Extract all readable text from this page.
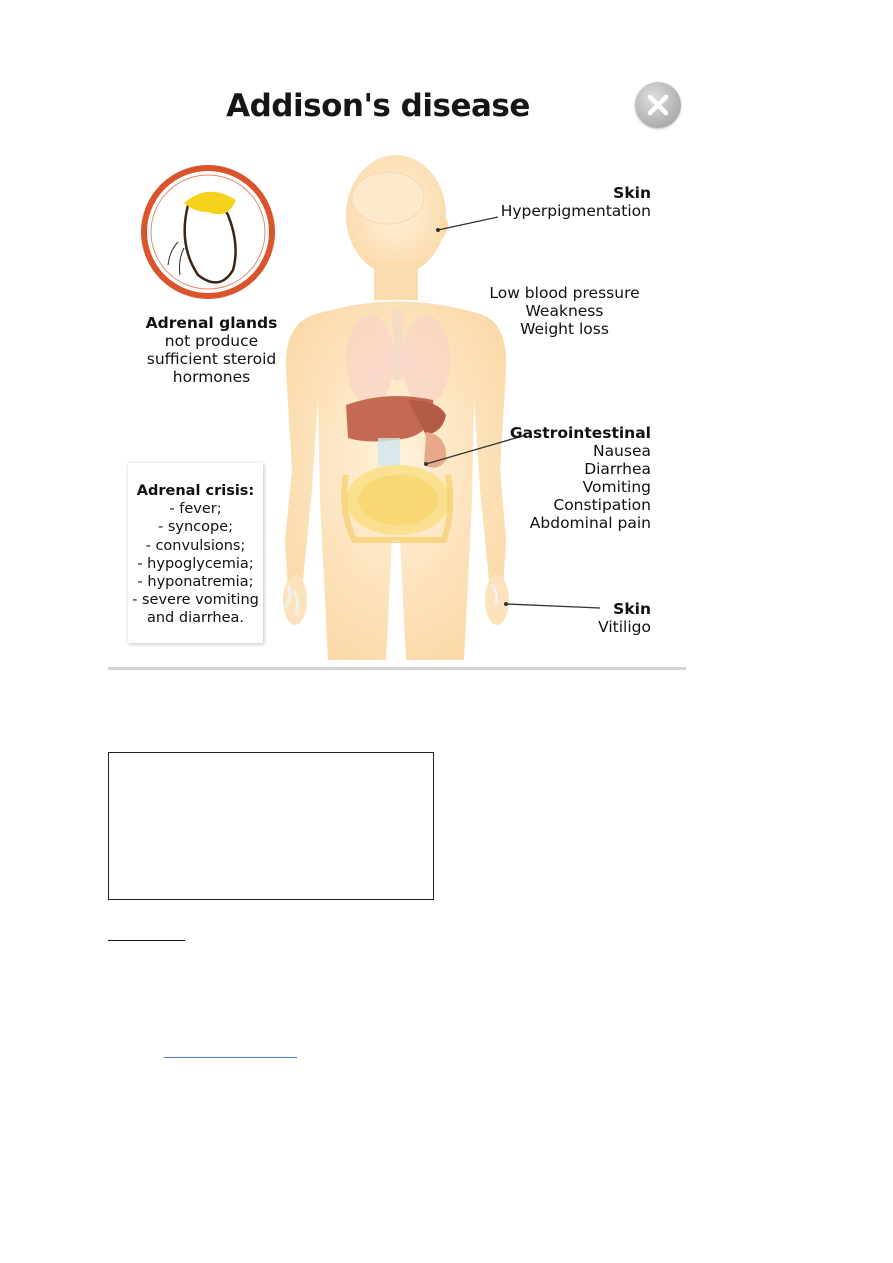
Addison's disease
Adrenal glands
not produce
sufficient steroid
hormones
Adrenal crisis:
- fever;
- syncope;
- convulsions;
- hypoglycemia;
- hyponatremia;
- severe vomiting
and diarrhea.
Skin
Hyperpigmentation
Low blood pressure
Weakness
Weight loss
Gastrointestinal
Nausea
Diarrhea
Vomiting
Constipation
Abdominal pain
Skin
Vitiligo
